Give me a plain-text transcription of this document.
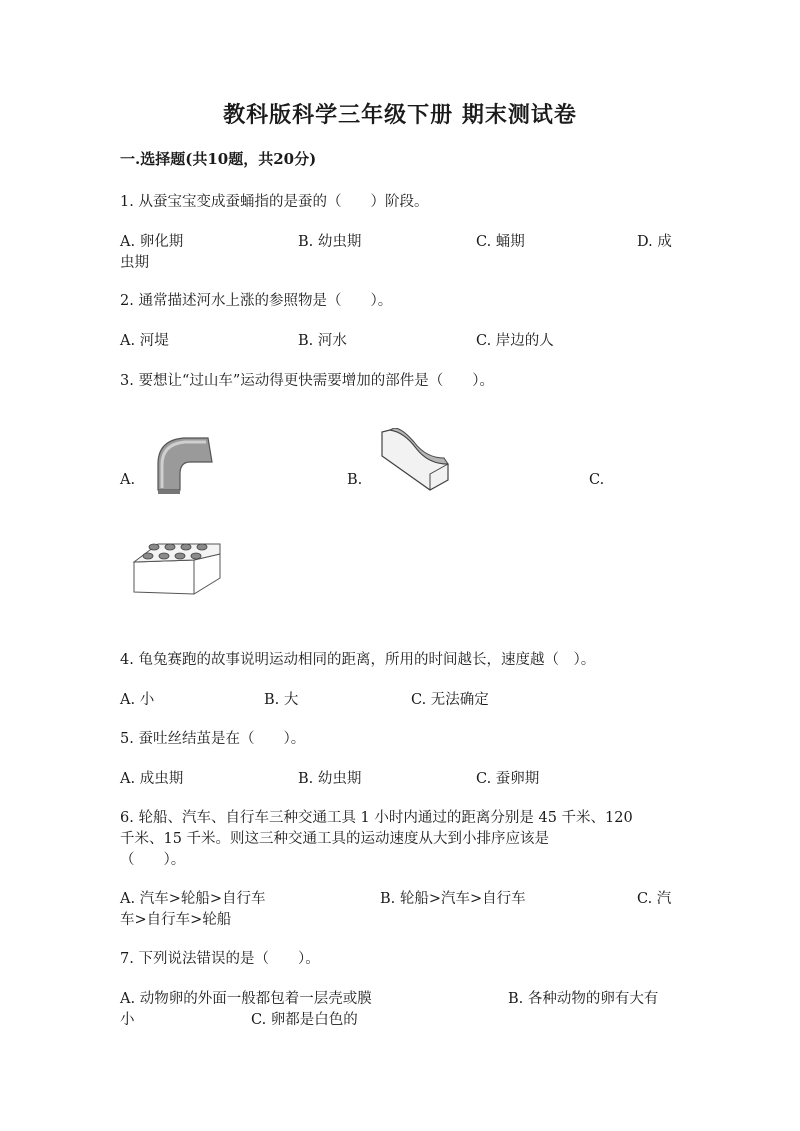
教科版科学三年级下册 期末测试卷
一.选择题(共10题，共20分)
1. 从蚕宝宝变成蚕蛹指的是蚕的（　　）阶段。
A. 卵化期	B. 幼虫期	C. 蛹期	D. 成
虫期
2. 通常描述河水上涨的参照物是（　　）。
A. 河堤	B. 河水	C. 岸边的人
3. 要想让“过山车”运动得更快需要增加的部件是（　　）。
A.	B.	C.
4. 龟兔赛跑的故事说明运动相同的距离，所用的时间越长，速度越（　）。
A. 小	B. 大	C. 无法确定
5. 蚕吐丝结茧是在（　　）。
A. 成虫期	B. 幼虫期	C. 蚕卵期
6. 轮船、汽车、自行车三种交通工具 1 小时内通过的距离分别是 45 千米、120
千米、15 千米。则这三种交通工具的运动速度从大到小排序应该是
（　　）。
A. 汽车>轮船>自行车	B. 轮船>汽车>自行车	C. 汽
车>自行车>轮船
7. 下列说法错误的是（　　）。
A. 动物卵的外面一般都包着一层壳或膜	B. 各种动物的卵有大有
小	C. 卵都是白色的
